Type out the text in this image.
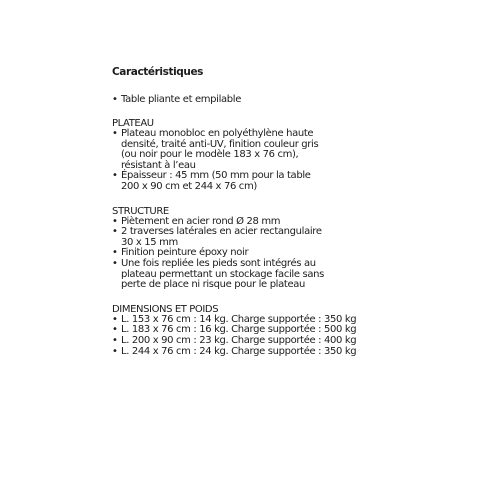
Caractéristiques
• Table pliante et empilable
PLATEAU
• Plateau monobloc en polyéthylène haute
densité, traité anti-UV, finition couleur gris
(ou noir pour le modèle 183 x 76 cm),
résistant à l’eau
• Épaisseur : 45 mm (50 mm pour la table
200 x 90 cm et 244 x 76 cm)
STRUCTURE
• Piètement en acier rond Ø 28 mm
• 2 traverses latérales en acier rectangulaire
30 x 15 mm
• Finition peinture époxy noir
• Une fois repliée les pieds sont intégrés au
plateau permettant un stockage facile sans
perte de place ni risque pour le plateau
DIMENSIONS ET POIDS
• L. 153 x 76 cm : 14 kg. Charge supportée : 350 kg
• L. 183 x 76 cm : 16 kg. Charge supportée : 500 kg
• L. 200 x 90 cm : 23 kg. Charge supportée : 400 kg
• L. 244 x 76 cm : 24 kg. Charge supportée : 350 kg
